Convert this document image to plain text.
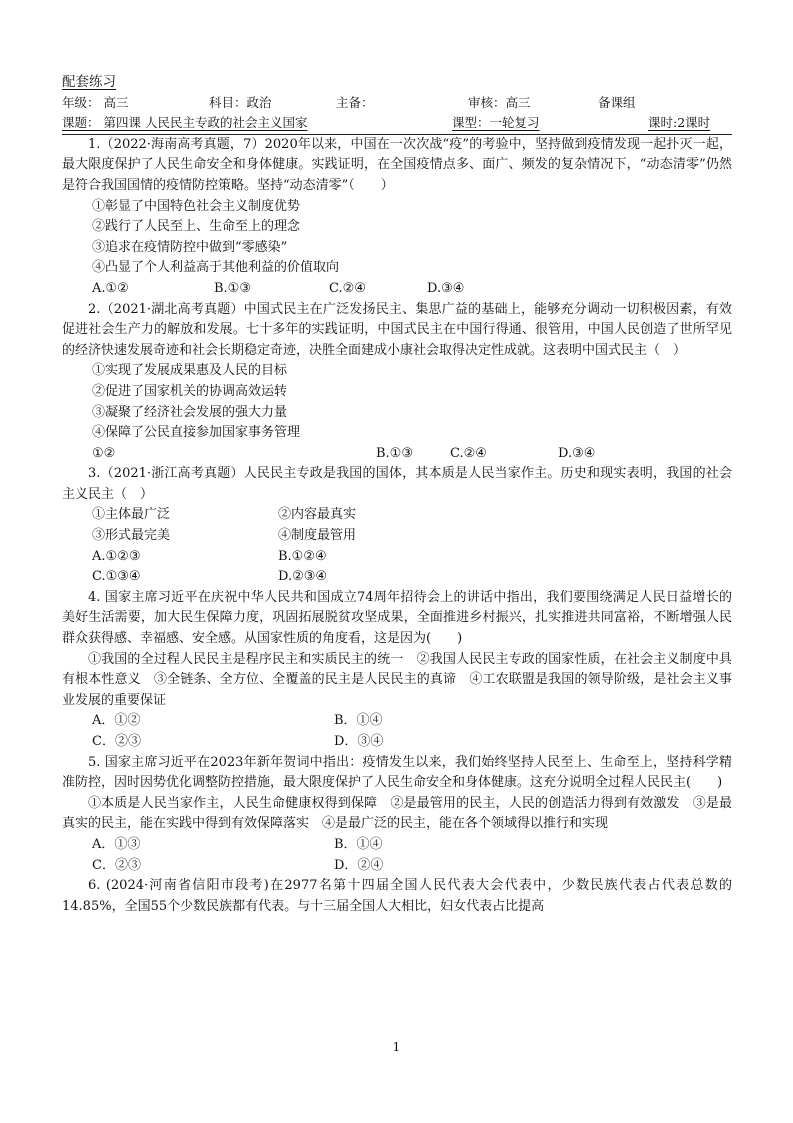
配套练习
年级： 高三	科目：政治	主备：	审核：高三	备课组
课题： 第四课 人民民主专政的社会主义国家	课型：一轮复习	课时:2课时
1.（2022·海南高考真题，7）2020年以来，中国在一次次战“疫”的考验中，坚持做到疫情发现一起扑灭一起，最大限度保护了人民生命安全和身体健康。实践证明，在全国疫情点多、面广、频发的复杂情况下，“动态清零”仍然是符合我国国情的疫情防控策略。坚持“动态清零”（　　）
①彰显了中国特色社会主义制度优势
②践行了人民至上、生命至上的理念
③追求在疫情防控中做到“零感染”
④凸显了个人利益高于其他利益的价值取向
A.①②	B.①③	C.②④	D.③④
2.（2021·湖北高考真题）中国式民主在广泛发扬民主、集思广益的基础上，能够充分调动一切积极因素，有效促进社会生产力的解放和发展。七十多年的实践证明，中国式民主在中国行得通、很管用，中国人民创造了世所罕见的经济快速发展奇迹和社会长期稳定奇迹，决胜全面建成小康社会取得决定性成就。这表明中国式民主（　）
①实现了发展成果惠及人民的目标
②促进了国家机关的协调高效运转
③凝聚了经济社会发展的强大力量
④保障了公民直接参加国家事务管理
①②	B.①③	C.②④	D.③④
3.（2021·浙江高考真题）人民民主专政是我国的国体，其本质是人民当家作主。历史和现实表明，我国的社会主义民主（　）
①主体最广泛	②内容最真实
③形式最完美	④制度最管用
A.①②③	B.①②④
C.①③④	D.②③④
4. 国家主席习近平在庆祝中华人民共和国成立74周年招待会上的讲话中指出，我们要围绕满足人民日益增长的美好生活需要，加大民生保障力度，巩固拓展脱贫攻坚成果，全面推进乡村振兴，扎实推进共同富裕，不断增强人民群众获得感、幸福感、安全感。从国家性质的角度看，这是因为(　　)
①我国的全过程人民民主是程序民主和实质民主的统一　②我国人民民主专政的国家性质，在社会主义制度中具有根本性意义　③全链条、全方位、全覆盖的民主是人民民主的真谛　④工农联盟是我国的领导阶级，是社会主义事业发展的重要保证
A．①②	B．①④
C．②③	D．③④
5. 国家主席习近平在2023年新年贺词中指出：疫情发生以来，我们始终坚持人民至上、生命至上，坚持科学精准防控，因时因势优化调整防控措施，最大限度保护了人民生命安全和身体健康。这充分说明全过程人民民主(　　)
①本质是人民当家作主，人民生命健康权得到保障　②是最管用的民主，人民的创造活力得到有效激发　③是最真实的民主，能在实践中得到有效保障落实　④是最广泛的民主，能在各个领域得以推行和实现
A．①③	B．①④
C．②③	D．②④
6. (2024·河南省信阳市段考)在2977名第十四届全国人民代表大会代表中，少数民族代表占代表总数的14.85%，全国55个少数民族都有代表。与十三届全国人大相比，妇女代表占比提高
1
